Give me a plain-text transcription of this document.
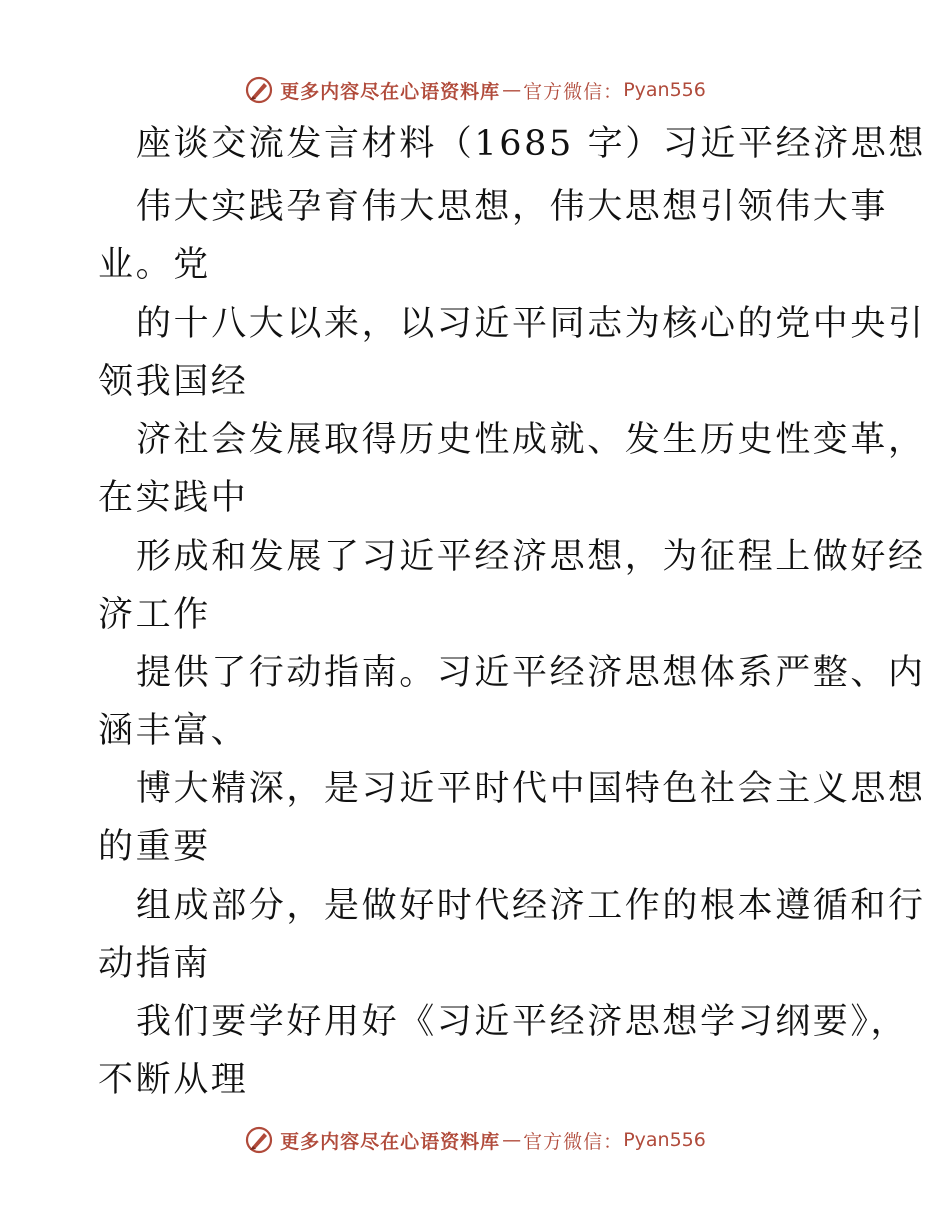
更多内容尽在心语资料库 — 官方微信： Pyan556
座谈交流发言材料（1685 字）习近平经济思想
伟大实践孕育伟大思想，伟大思想引领伟大事
业。党
的十八大以来，以习近平同志为核心的党中央引
领我国经
济社会发展取得历史性成就、发生历史性变革，
在实践中
形成和发展了习近平经济思想，为征程上做好经
济工作
提供了行动指南。习近平经济思想体系严整、内
涵丰富、
博大精深，是习近平时代中国特色社会主义思想
的重要
组成部分，是做好时代经济工作的根本遵循和行
动指南
我们要学好用好《习近平经济思想学习纲要》，
不断从理
更多内容尽在心语资料库 — 官方微信： Pyan556
